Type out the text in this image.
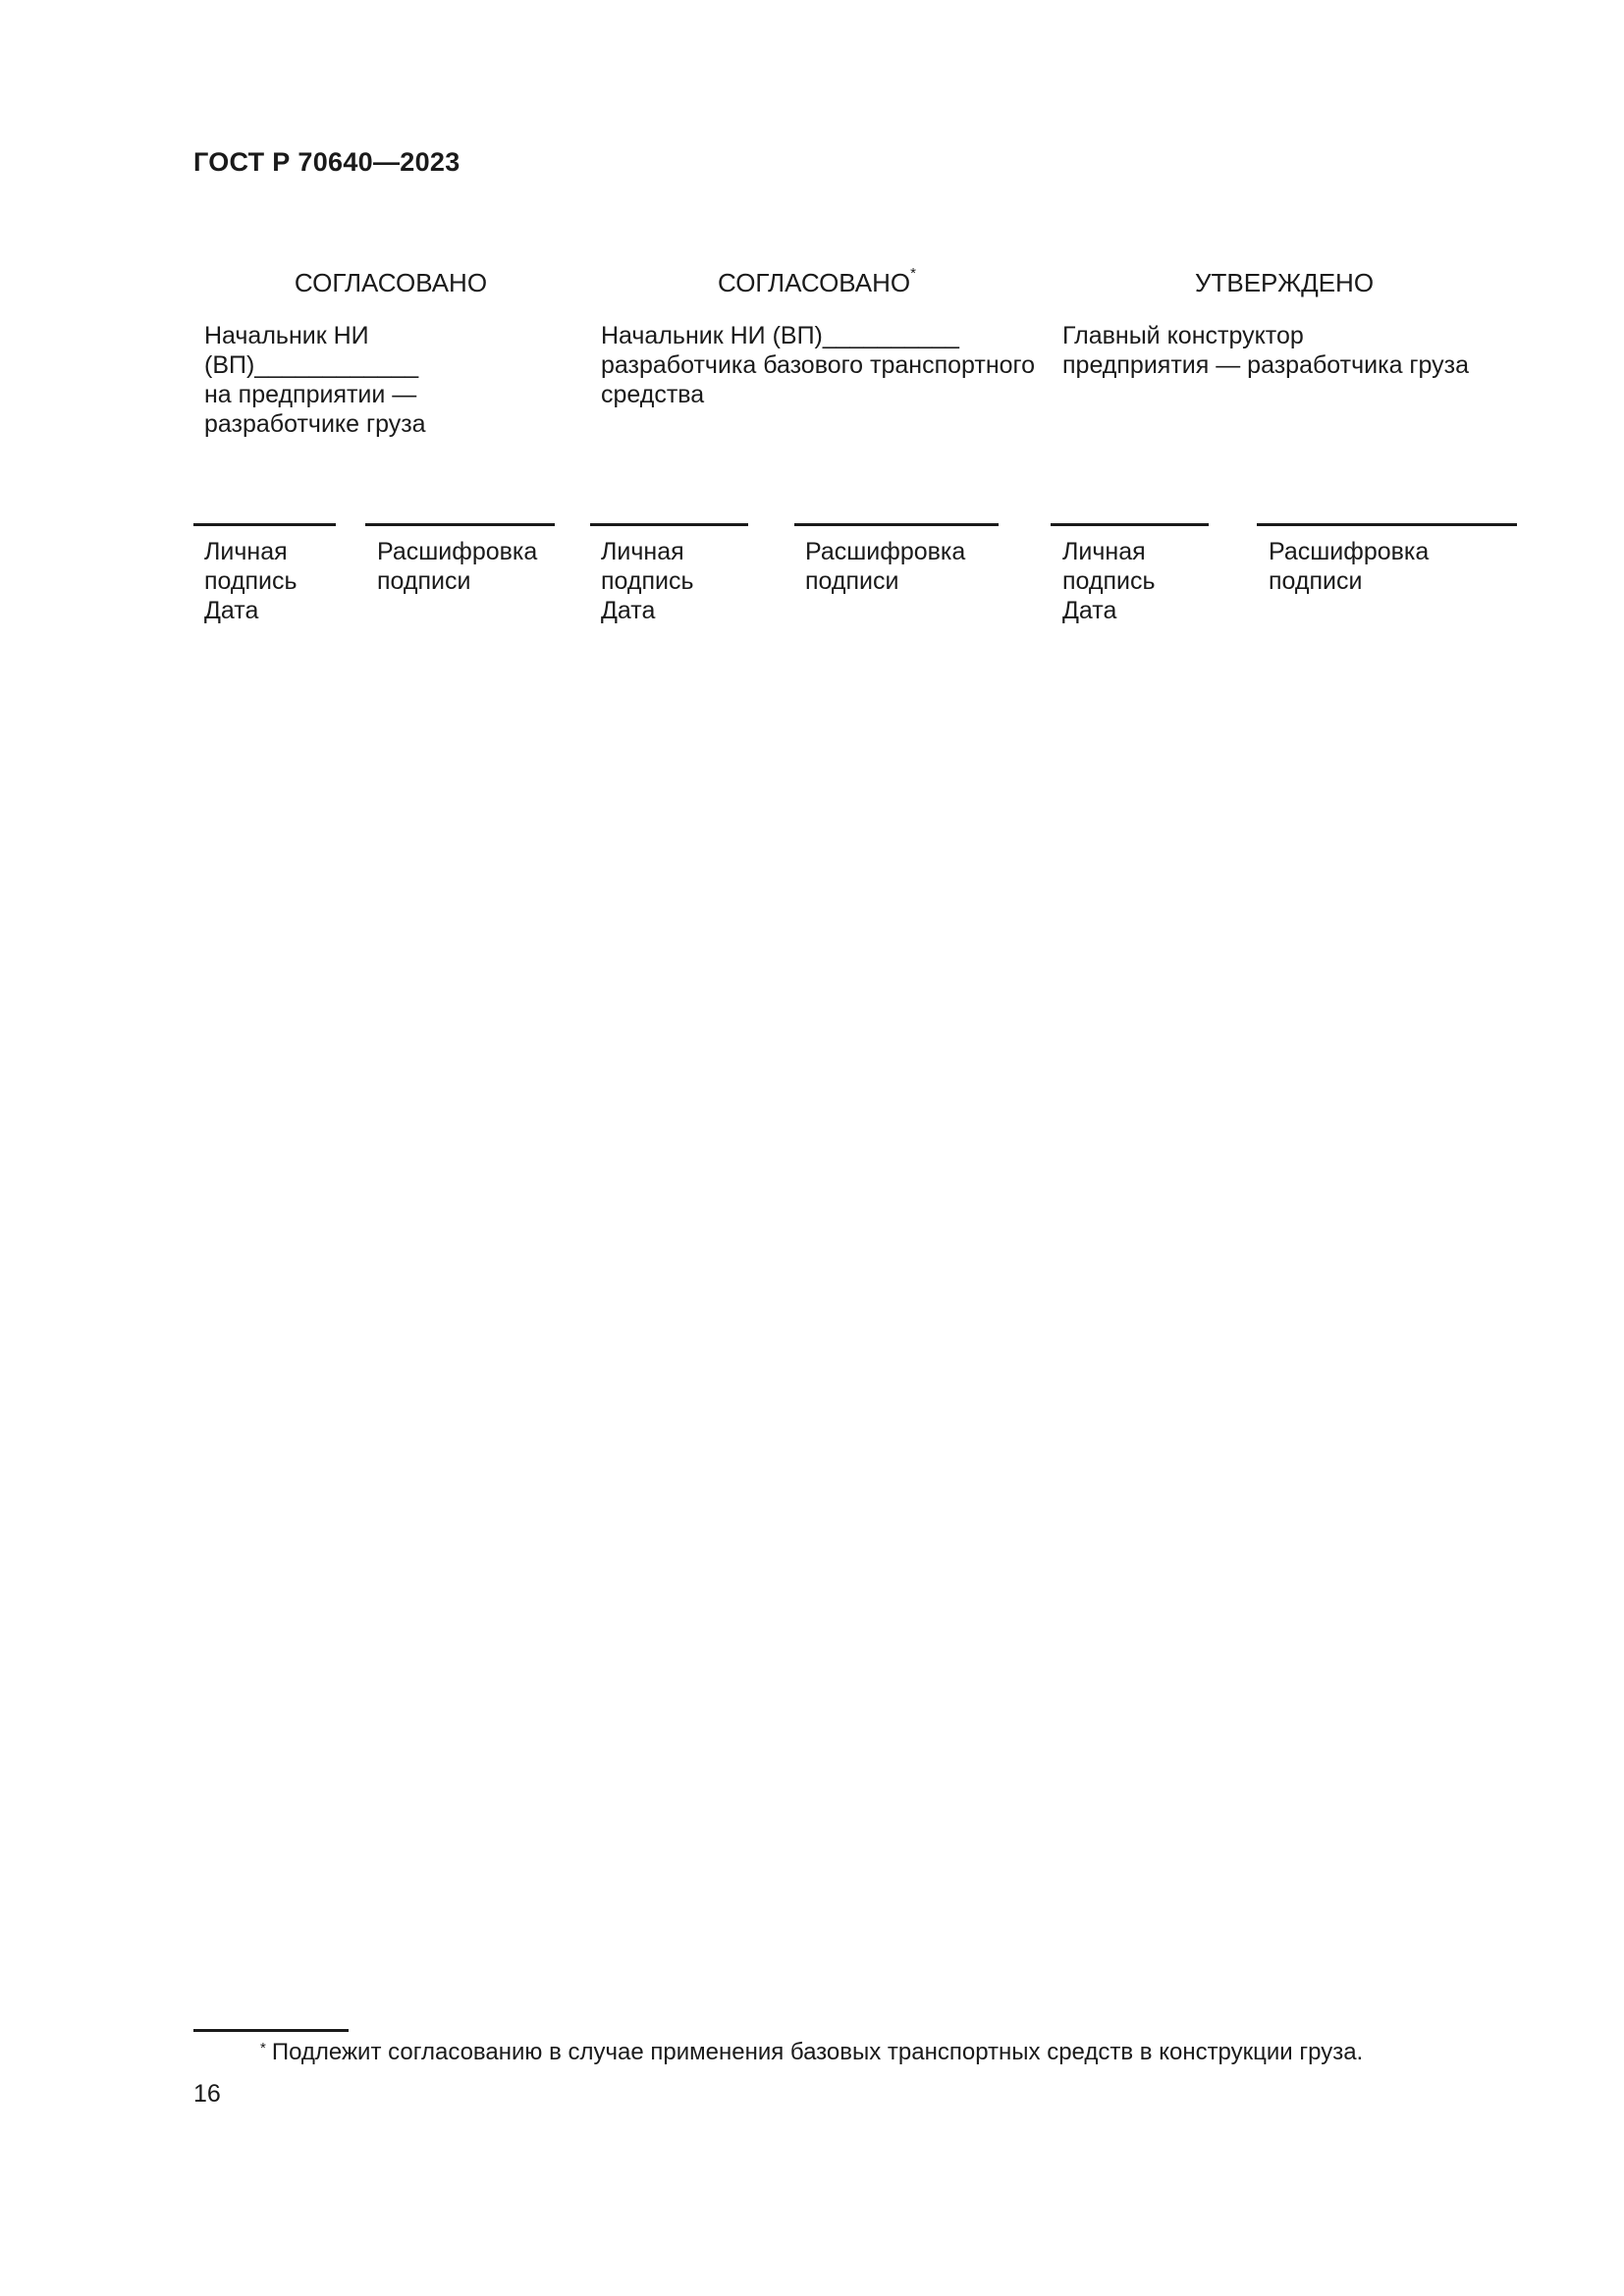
ГОСТ Р 70640—2023
СОГЛАСОВАНО
Начальник НИ
(ВП)____________
на предприятии —
разработчике груза
Личная
подпись
Дата
Расшифровка
подписи
СОГЛАСОВАНО*
Начальник НИ (ВП)__________
разработчика базового транспортного
средства
Личная
подпись
Дата
Расшифровка
подписи
УТВЕРЖДЕНО
Главный конструктор
предприятия — разработчика груза
Личная
подпись
Дата
Расшифровка
подписи
* Подлежит согласованию в случае применения базовых транспортных средств в конструкции груза.
16
